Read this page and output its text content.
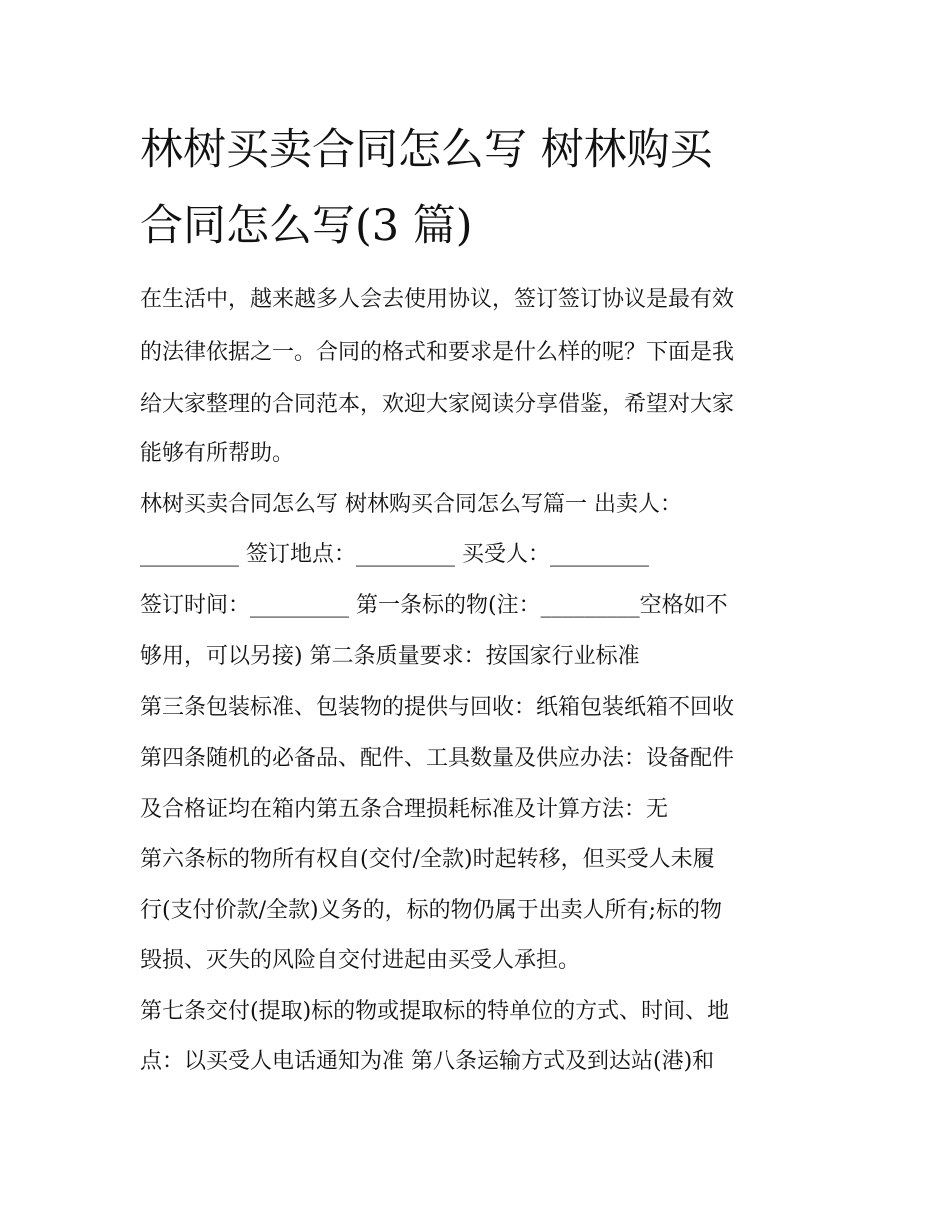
林树买卖合同怎么写 树林购买
合同怎么写(3 篇)
在生活中，越来越多人会去使用协议，签订签订协议是最有效
的法律依据之一。合同的格式和要求是什么样的呢？下面是我
给大家整理的合同范本，欢迎大家阅读分享借鉴，希望对大家
能够有所帮助。
林树买卖合同怎么写 树林购买合同怎么写篇一 出卖人：
_________ 签订地点：_________ 买受人：_________
签订时间：_________ 第一条标的物(注：_________空格如不
够用，可以另接) 第二条质量要求：按国家行业标准
第三条包装标准、包装物的提供与回收：纸箱包装纸箱不回收
第四条随机的必备品、配件、工具数量及供应办法：设备配件
及合格证均在箱内第五条合理损耗标准及计算方法：无
第六条标的物所有权自(交付/全款)时起转移，但买受人未履
行(支付价款/全款)义务的，标的物仍属于出卖人所有;标的物
毁损、灭失的风险自交付进起由买受人承担。
第七条交付(提取)标的物或提取标的特单位的方式、时间、地
点：以买受人电话通知为准 第八条运输方式及到达站(港)和
